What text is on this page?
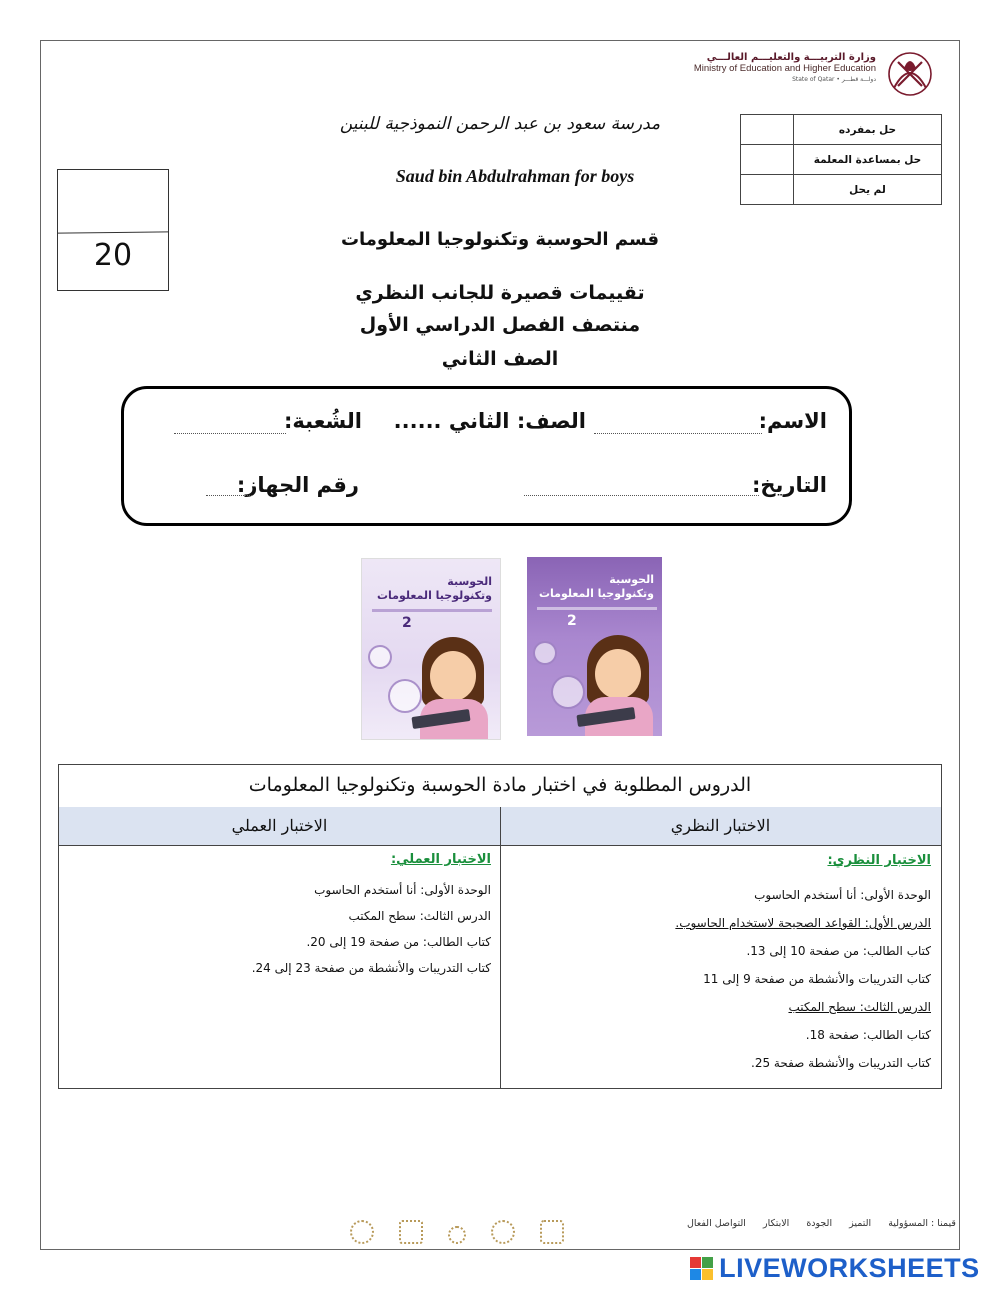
وزارة التربيـــة والتعليـــم العالـــي
Ministry of Education and Higher Education
State of Qatar • دولـــة قطـــر
	حل بمفرده
	حل بمساعدة المعلمة
	لم يحل
مدرسة سعود بن عبد الرحمن النموذجية للبنين
Saud bin Abdulrahman for boys
20	قسم الحوسبة وتكنولوجيا المعلومات
تقييمات قصيرة للجانب النظري
منتصف الفصل الدراسي الأول
الصف الثاني
الاسم:
الصف: الثاني ......
الشُعبة:
التاريخ:
رقم الجهاز:
الحوسبة
وتكنولوجيا المعلومات
2
الحوسبة
وتكنولوجيا المعلومات
2
الدروس المطلوبة في اختبار مادة الحوسبة وتكنولوجيا المعلومات
الاختبار العملي	الاختبار النظري
الاختبار النظري:
الوحدة الأولى: أنا أستخدم الحاسوب
الدرس الأول: القواعد الصحيحة لاستخدام الحاسوب.
كتاب الطالب: من صفحة 10 إلى 13.
كتاب التدريبات والأنشطة من صفحة 9 إلى 11
الدرس الثالث: سطح المكتب
كتاب الطالب: صفحة 18.
كتاب التدريبات والأنشطة صفحة 25.
الاختبار العملي:
الوحدة الأولى: أنا أستخدم الحاسوب
الدرس الثالث: سطح المكتب
كتاب الطالب: من صفحة 19 إلى 20.
كتاب التدريبات والأنشطة من صفحة 23 إلى 24.
قيمنا : المسؤولية التميز الجودة الابتكار التواصل الفعال

LIVEWORKSHEETS
